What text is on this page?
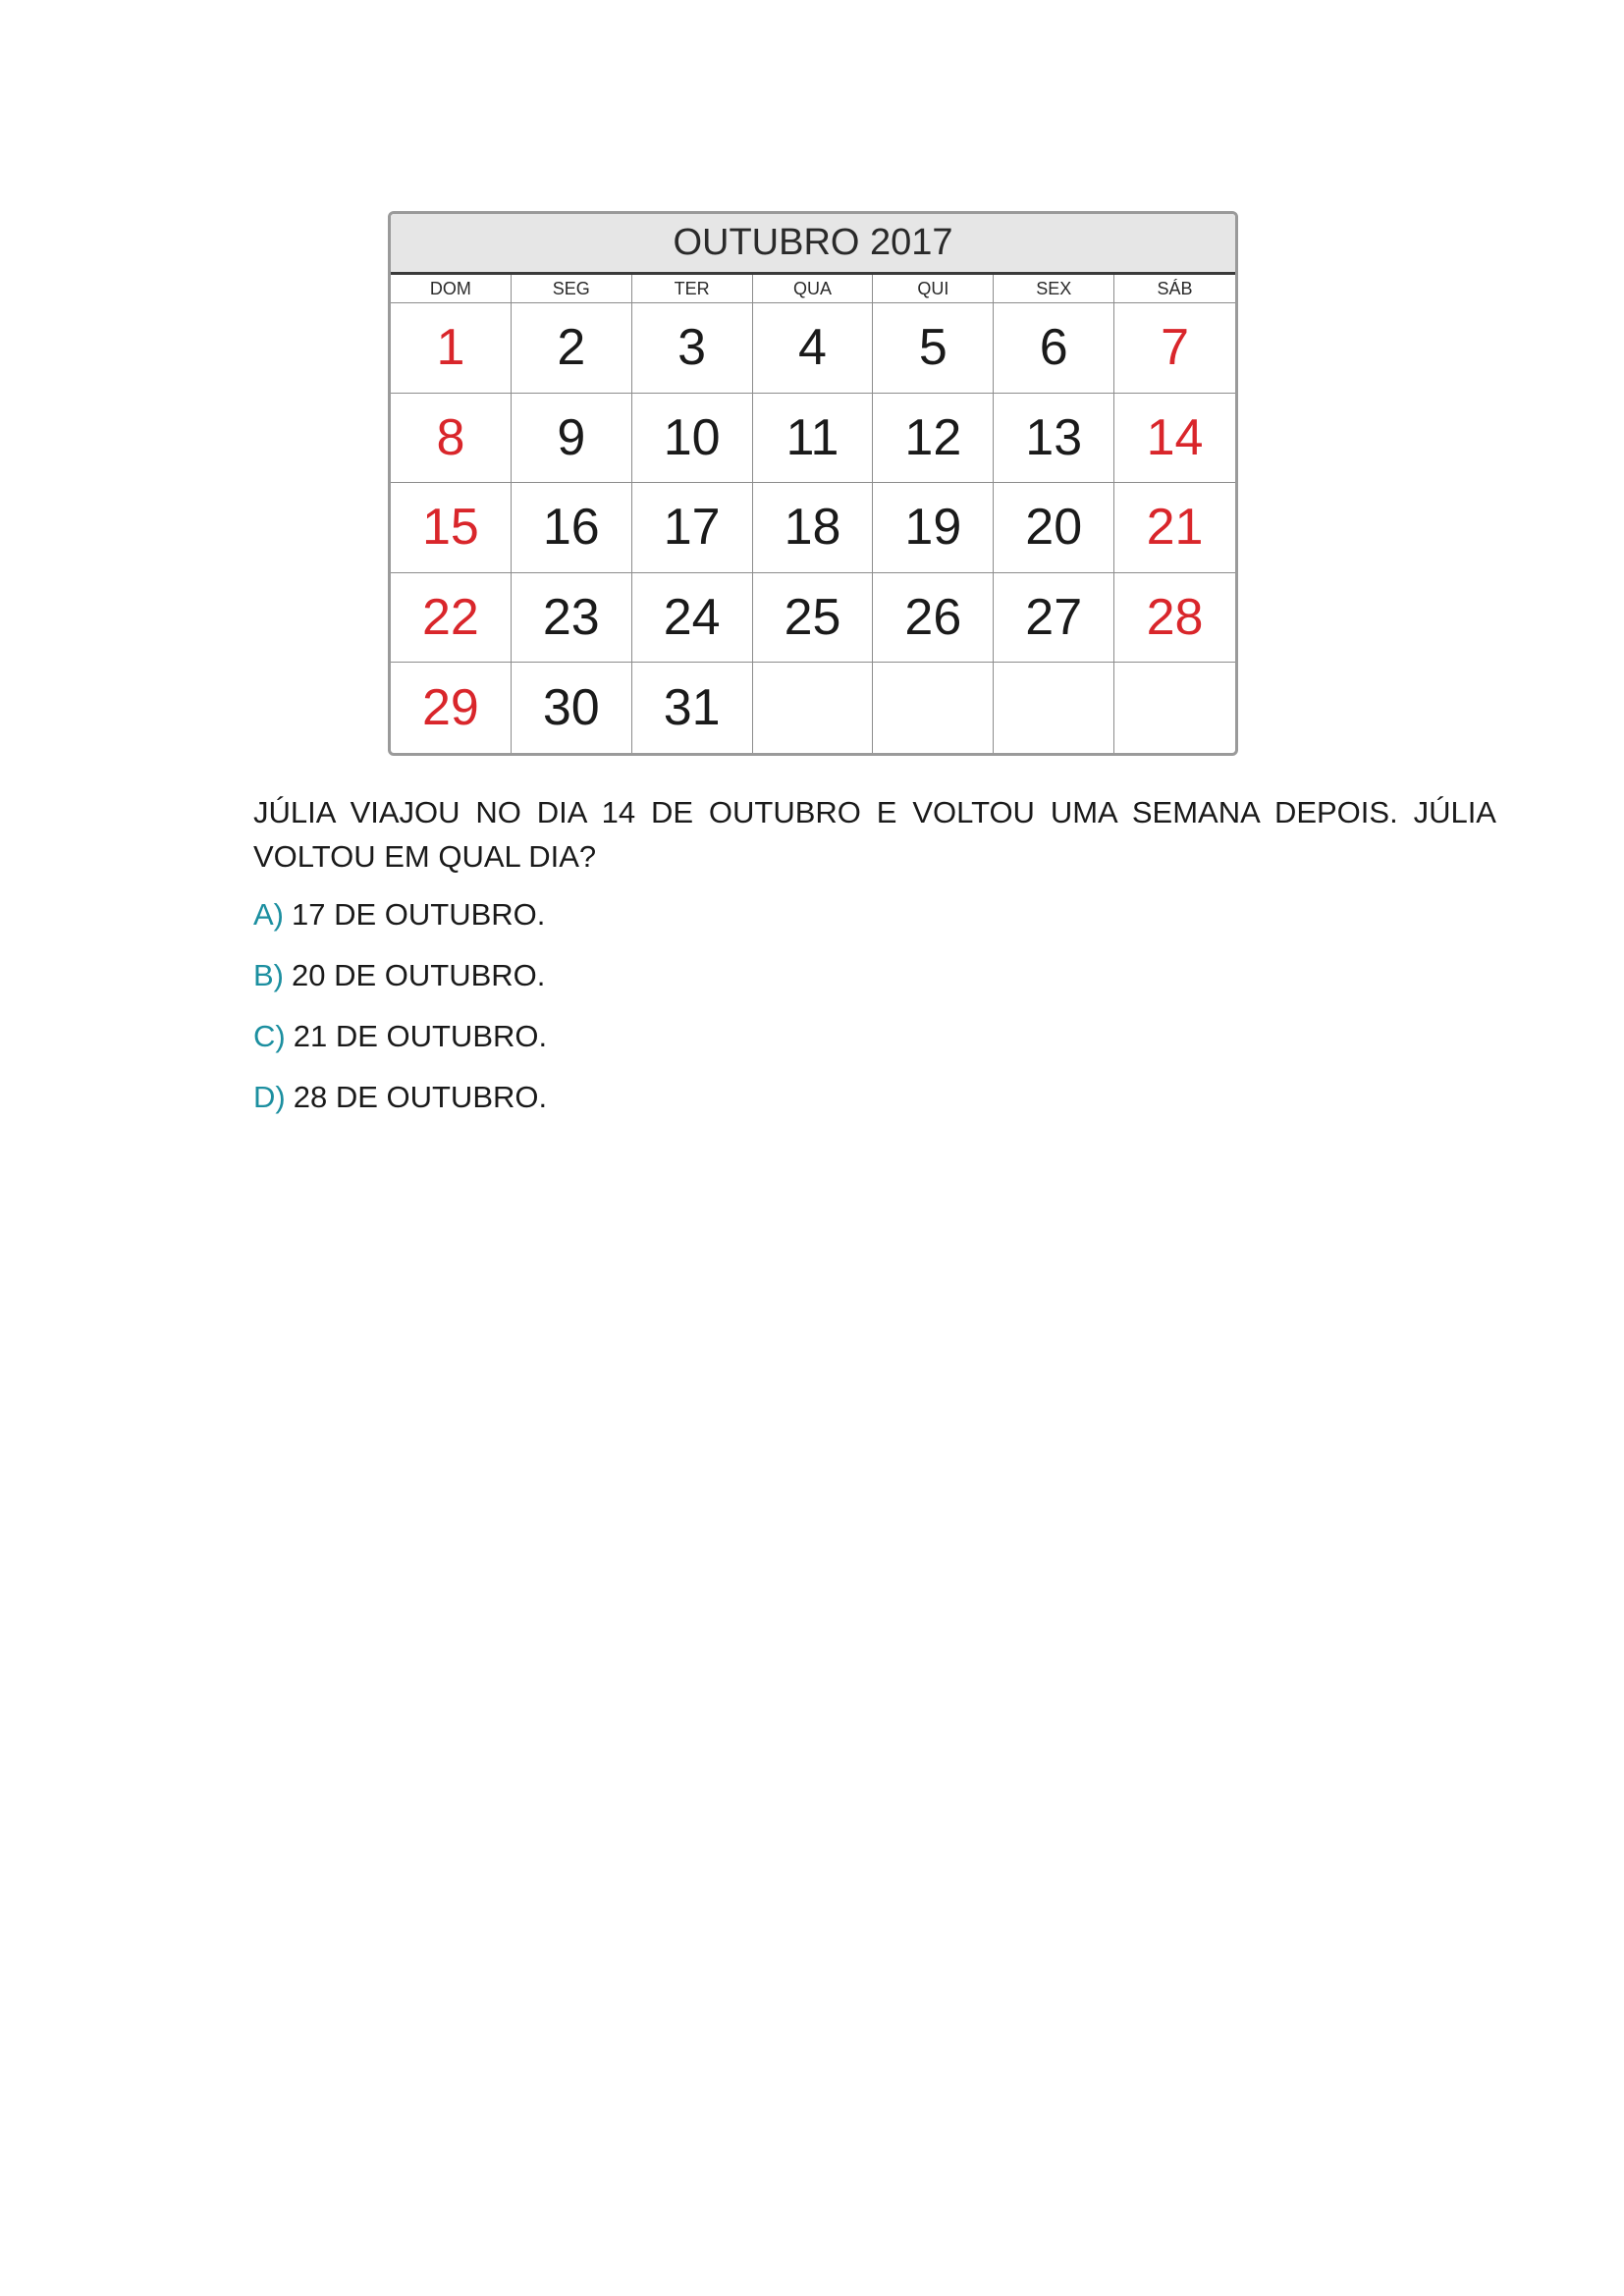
OUTUBRO 2017
DOM	SEG	TER	QUA	QUI	SEX	SÁB
1	2	3	4	5	6	7
8	9	10	11	12	13	14
15	16	17	18	19	20	21
22	23	24	25	26	27	28
29	30	31
JÚLIA VIAJOU NO DIA 14 DE OUTUBRO E VOLTOU UMA SEMANA DEPOIS. JÚLIA VOLTOU EM QUAL DIA?
A) 17 DE OUTUBRO.
B) 20 DE OUTUBRO.
C) 21 DE OUTUBRO.
D) 28 DE OUTUBRO.
